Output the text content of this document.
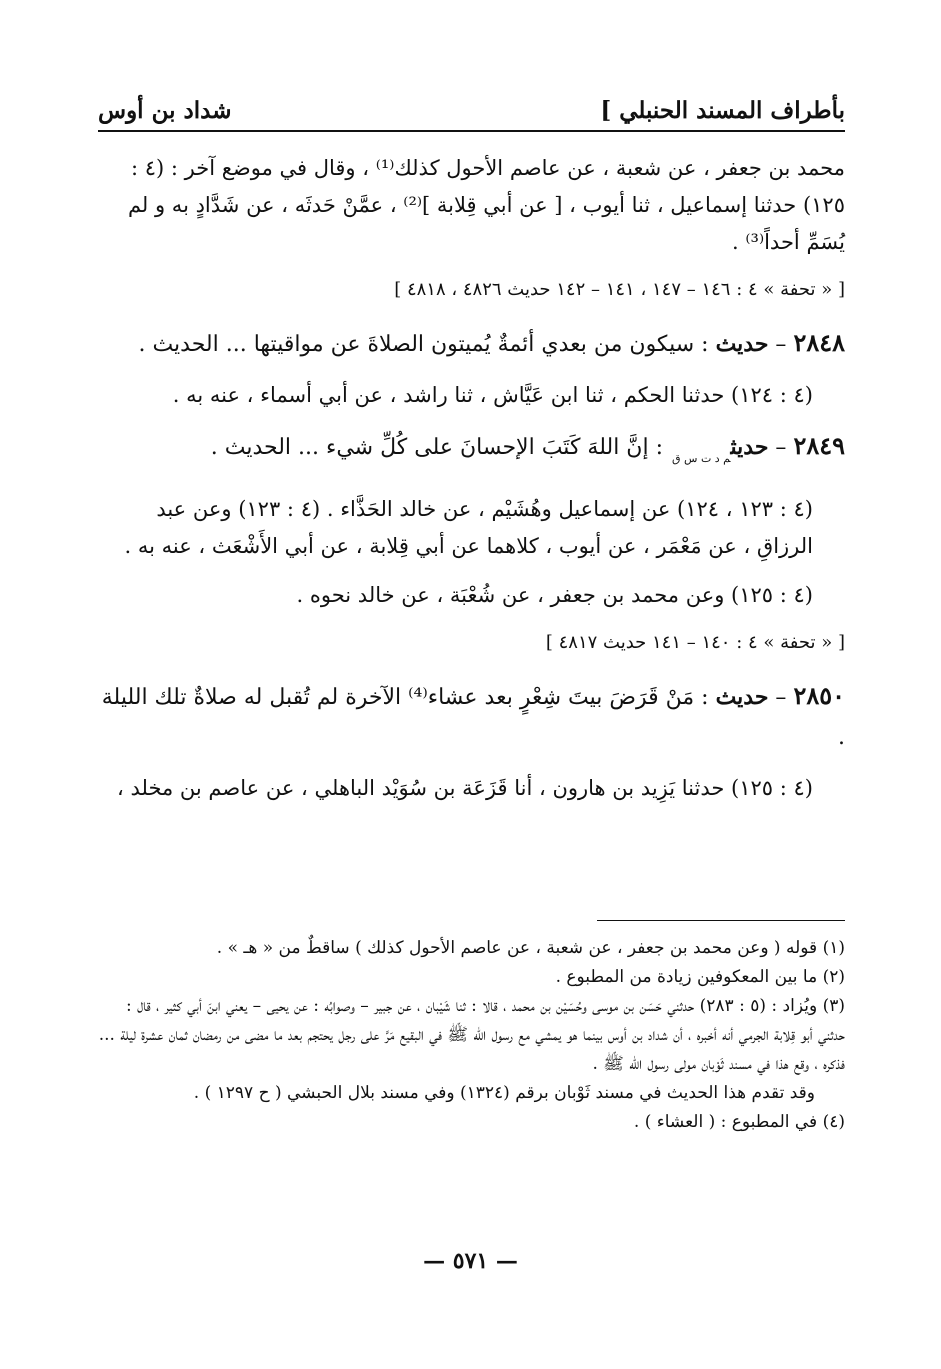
بأطراف المسند الحنبلي ]
شداد بن أوس

محمد بن جعفر ، عن شعبة ، عن عاصم الأحول كذلك⁽¹⁾ ، وقال في موضع آخر : (٤ : ١٢٥) حدثنا إسماعيل ، ثنا أيوب ، [ عن أبي قِلابة ]⁽²⁾ ، عمَّنْ حَدثَه ، عن شَدَّادٍ به و لم يُسَمِّ أحداً⁽³⁾ .

[ « تحفة » ٤ : ١٤٦ – ١٤٧ ، ١٤١ – ١٤٢ حديث ٤٨٢٦ ، ٤٨١٨ ]

٢٨٤٨ – حديث : سيكون من بعدي أئمةٌ يُميتون الصلاةَ عن مواقيتها ... الحديث .

(٤ : ١٢٤) حدثنا الحكم ، ثنا ابن عَيَّاش ، ثنا راشد ، عن أبي أسماء ، عنه به .

٢٨٤٩ – حديث$_{م د ت س ق}$ : إنَّ اللهَ كَتَبَ الإحسانَ على كُلِّ شيء ... الحديث .

(٤ : ١٢٣ ، ١٢٤) عن إسماعيل وهُشَيْم ، عن خالد الحَذَّاء . (٤ : ١٢٣) وعن عبد الرزاقِ ، عن مَعْمَر ، عن أيوب ، كلاهما عن أبي قِلابة ، عن أبي الأَشْعَث ، عنه به .

(٤ : ١٢٥) وعن محمد بن جعفر ، عن شُعْبَة ، عن خالد نحوه .

[ « تحفة » ٤ : ١٤٠ – ١٤١ حديث ٤٨١٧ ]

٢٨٥٠ – حديث : مَنْ قَرَضَ بيتَ شِعْرٍ بعد عشاء⁽⁴⁾ الآخرة لم تُقبل له صلاةٌ تلك الليلة .

(٤ : ١٢٥) حدثنا يَزِيد بن هارون ، أنا قَزَعَة بن سُوَيْد الباهلي ، عن عاصم بن مخلد ،

(١) قوله ( وعن محمد بن جعفر ، عن شعبة ، عن عاصم الأحول كذلك ) ساقطٌ من « هـ » .

(٢) ما بين المعكوفين زيادة من المطبوع .

(٣) ويُزاد : (٥ : ٢٨٣) حدثني حَسَن بن موسى وحُسَيْن بن محمد ، قالا : ثنا شَيْبان ، عن جبير – وصوابُه : عن يحيى – يعني ابنَ أبي كثير ، قال : حدثني أبو قِلابة الجرمي أنه أخبره ، أن شداد بن أوس بينما هو يمشي مع رسول الله ﷺ في البقيع مَرَّ على رجل يحتجم بعد ما مضى من رمضان ثمان عشرة ليلة ... فذكره ، وقع هذا في مسند ثَوْبان مولى رسول الله ﷺ .

وقد تقدم هذا الحديث في مسند ثَوْبان برقم (١٣٢٤) وفي مسند بلال الحبشي ( ح ١٢٩٧ ) .

(٤) في المطبوع : ( العشاء ) .

— ٥٧١ —
